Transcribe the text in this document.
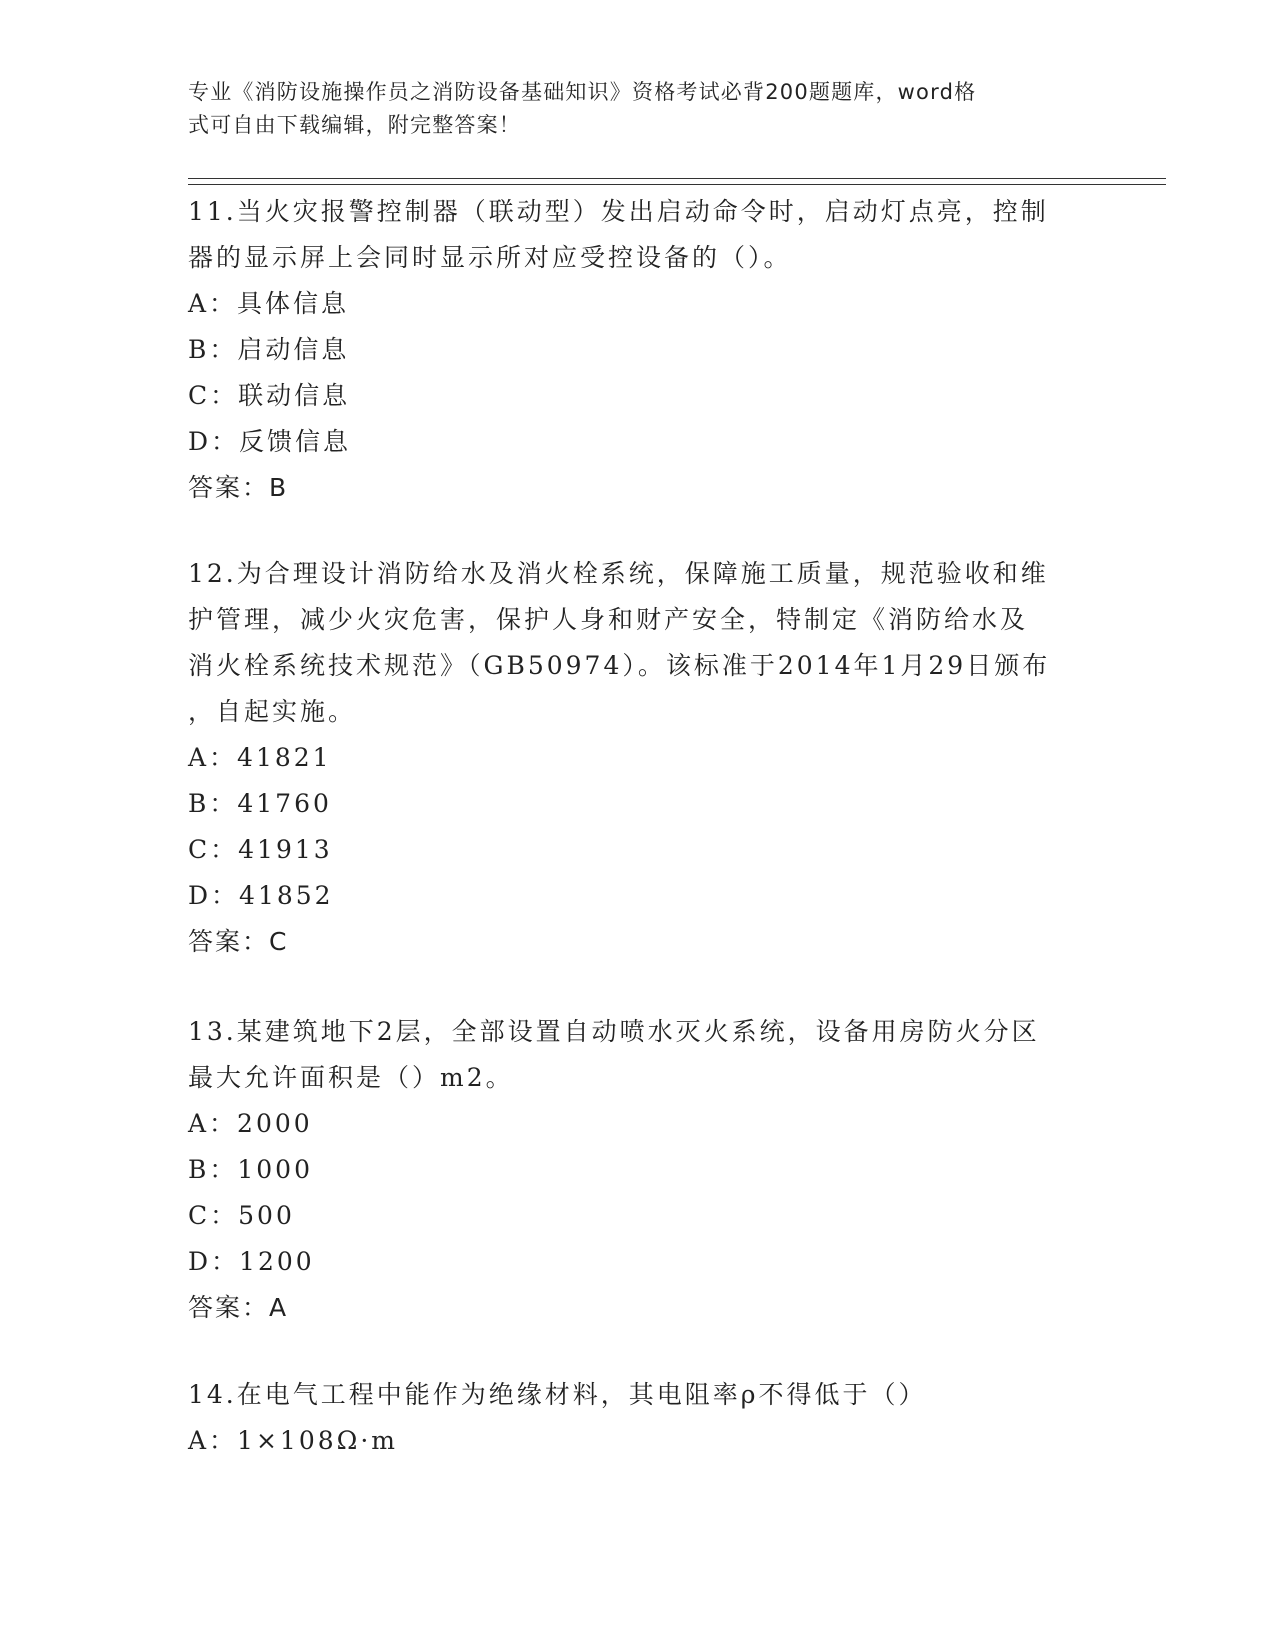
专业《消防设施操作员之消防设备基础知识》资格考试必背200题题库，word格
式可自由下载编辑，附完整答案！

11.当火灾报警控制器（联动型）发出启动命令时，启动灯点亮，控制

器的显示屏上会同时显示所对应受控设备的（）。

A：具体信息

B：启动信息

C：联动信息

D：反馈信息

答案：B

12.为合理设计消防给水及消火栓系统，保障施工质量，规范验收和维

护管理，减少火灾危害，保护人身和财产安全，特制定《消防给水及

消火栓系统技术规范》（GB50974）。该标准于2014年1月29日颁布

，自起实施。

A：41821

B：41760

C：41913

D：41852

答案：C

13.某建筑地下2层，全部设置自动喷水灭火系统，设备用房防火分区

最大允许面积是（）m2。

A：2000

B：1000

C：500

D：1200

答案：A

14.在电气工程中能作为绝缘材料，其电阻率ρ不得低于（）

A：1×108Ω·m
